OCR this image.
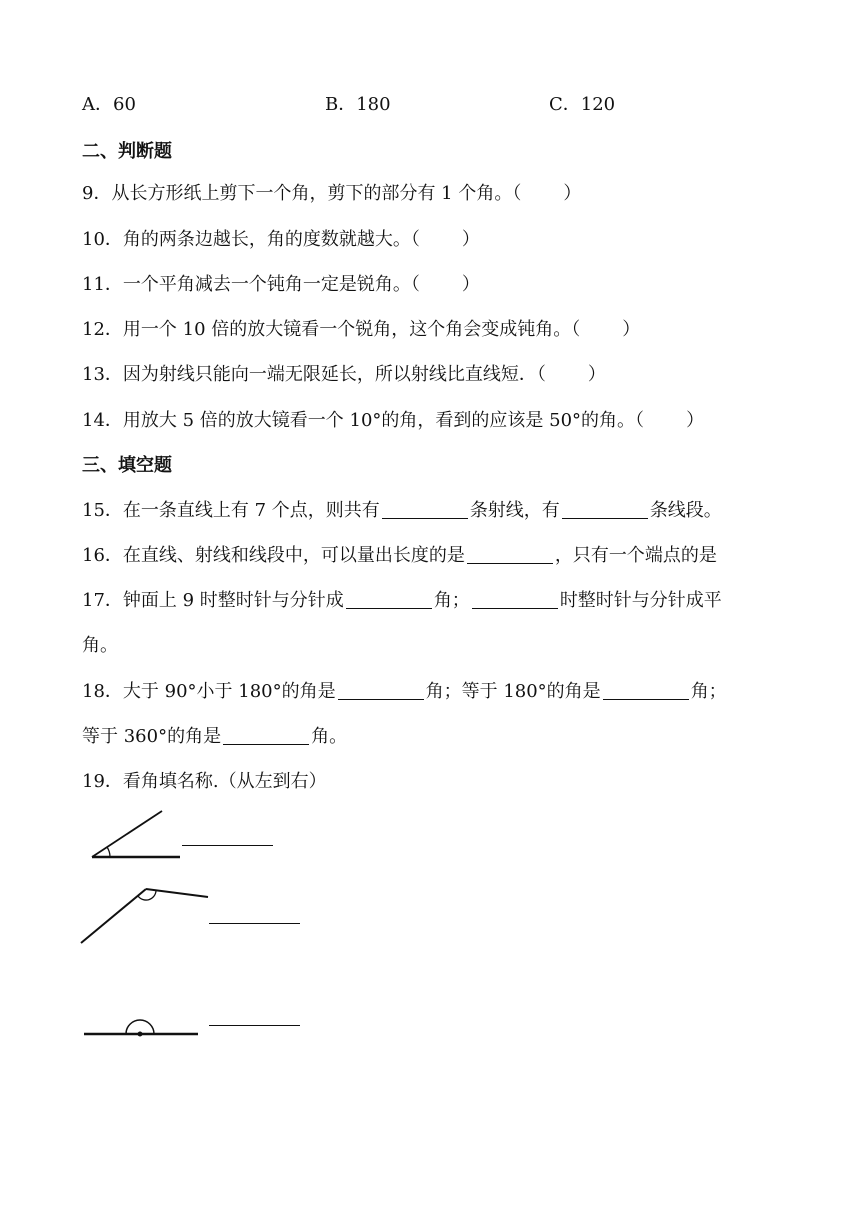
A．60	B．180	C．120
二、判断题
9．从长方形纸上剪下一个角，剪下的部分有 1 个角。（ ）
10．角的两条边越长，角的度数就越大。（ ）
11．一个平角减去一个钝角一定是锐角。（ ）
12．用一个 10 倍的放大镜看一个锐角，这个角会变成钝角。（ ）
13．因为射线只能向一端无限延长，所以射线比直线短．（ ）
14．用放大 5 倍的放大镜看一个 10°的角，看到的应该是 50°的角。（ ）
三、填空题
15．在一条直线上有 7 个点，则共有	条射线，有	条线段。
16．在直线、射线和线段中，可以量出长度的是	，只有一个端点的是
17．钟面上 9 时整时针与分针成	角；	时整时针与分针成平
角。
18．大于 90°小于 180°的角是	角；等于 180°的角是	角；
等于 360°的角是	角。
19．看角填名称.（从左到右）
